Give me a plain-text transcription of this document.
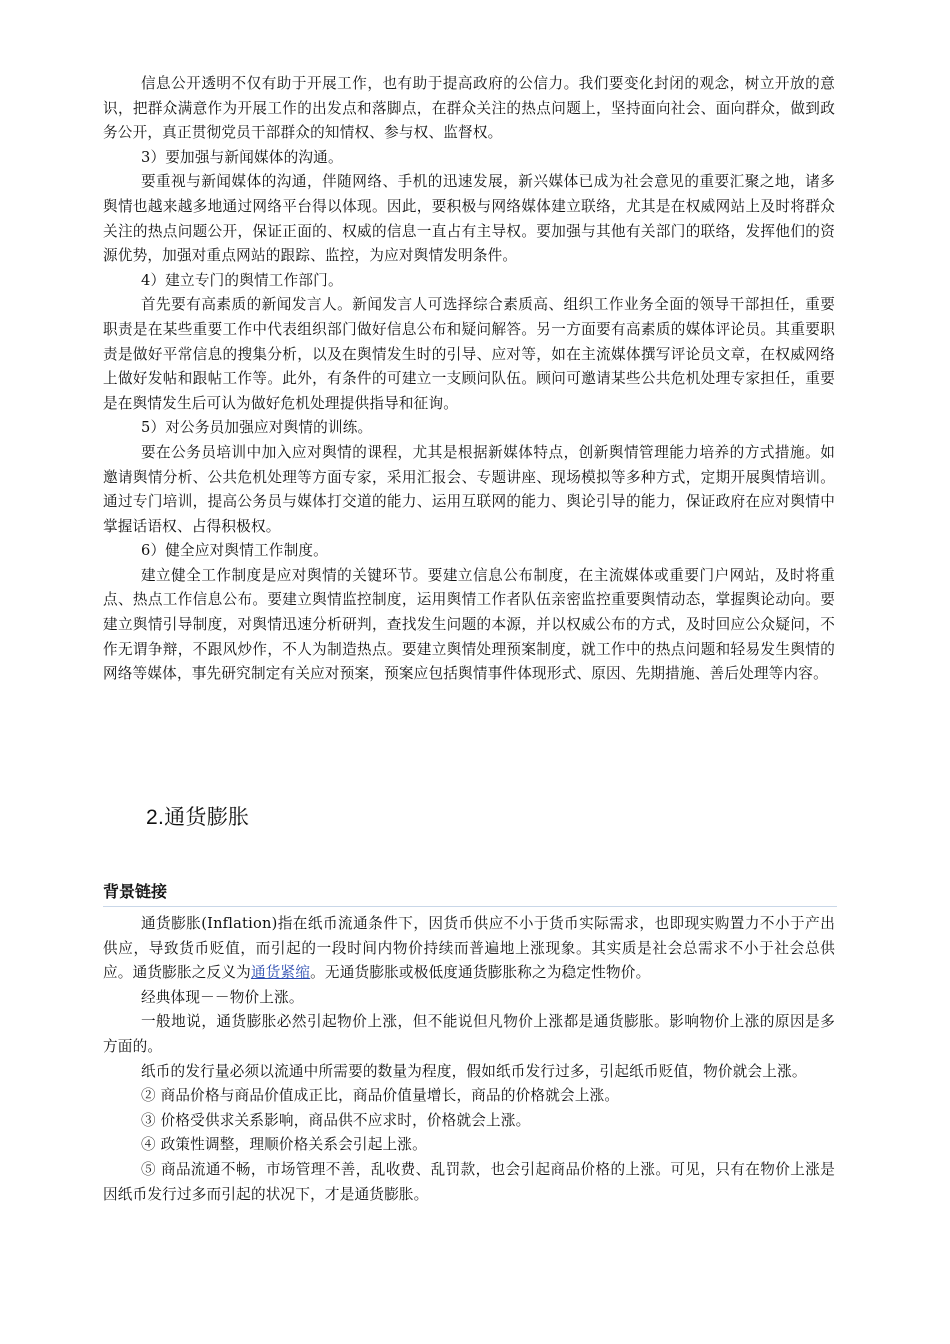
信息公开透明不仅有助于开展工作，也有助于提高政府的公信力。我们要变化封闭的观念，树立开放的意识，把群众满意作为开展工作的出发点和落脚点，在群众关注的热点问题上，坚持面向社会、面向群众，做到政务公开，真正贯彻党员干部群众的知情权、参与权、监督权。

3）要加强与新闻媒体的沟通。

要重视与新闻媒体的沟通，伴随网络、手机的迅速发展，新兴媒体已成为社会意见的重要汇聚之地，诸多舆情也越来越多地通过网络平台得以体现。因此，要积极与网络媒体建立联络，尤其是在权威网站上及时将群众关注的热点问题公开，保证正面的、权威的信息一直占有主导权。要加强与其他有关部门的联络，发挥他们的资源优势，加强对重点网站的跟踪、监控，为应对舆情发明条件。

4）建立专门的舆情工作部门。

首先要有高素质的新闻发言人。新闻发言人可选择综合素质高、组织工作业务全面的领导干部担任，重要职责是在某些重要工作中代表组织部门做好信息公布和疑问解答。另一方面要有高素质的媒体评论员。其重要职责是做好平常信息的搜集分析，以及在舆情发生时的引导、应对等，如在主流媒体撰写评论员文章，在权威网络上做好发帖和跟帖工作等。此外，有条件的可建立一支顾问队伍。顾问可邀请某些公共危机处理专家担任，重要是在舆情发生后可认为做好危机处理提供指导和征询。

5）对公务员加强应对舆情的训练。

要在公务员培训中加入应对舆情的课程，尤其是根据新媒体特点，创新舆情管理能力培养的方式措施。如邀请舆情分析、公共危机处理等方面专家，采用汇报会、专题讲座、现场模拟等多种方式，定期开展舆情培训。通过专门培训，提高公务员与媒体打交道的能力、运用互联网的能力、舆论引导的能力，保证政府在应对舆情中掌握话语权、占得积极权。

6）健全应对舆情工作制度。

建立健全工作制度是应对舆情的关键环节。要建立信息公布制度，在主流媒体或重要门户网站，及时将重点、热点工作信息公布。要建立舆情监控制度，运用舆情工作者队伍亲密监控重要舆情动态，掌握舆论动向。要建立舆情引导制度，对舆情迅速分析研判，查找发生问题的本源，并以权威公布的方式，及时回应公众疑问，不作无谓争辩，不跟风炒作，不人为制造热点。要建立舆情处理预案制度，就工作中的热点问题和轻易发生舆情的网络等媒体，事先研究制定有关应对预案，预案应包括舆情事件体现形式、原因、先期措施、善后处理等内容。

2.通货膨胀
背景链接

通货膨胀(Inflation)指在纸币流通条件下，因货币供应不小于货币实际需求，也即现实购置力不小于产出供应，导致货币贬值，而引起的一段时间内物价持续而普遍地上涨现象。其实质是社会总需求不小于社会总供应。通货膨胀之反义为通货紧缩。无通货膨胀或极低度通货膨胀称之为稳定性物价。

经典体现－－物价上涨。

一般地说，通货膨胀必然引起物价上涨，但不能说但凡物价上涨都是通货膨胀。影响物价上涨的原因是多方面的。

纸币的发行量必须以流通中所需要的数量为程度，假如纸币发行过多，引起纸币贬值，物价就会上涨。

② 商品价格与商品价值成正比，商品价值量增长，商品的价格就会上涨。

③ 价格受供求关系影响，商品供不应求时，价格就会上涨。

④ 政策性调整，理顺价格关系会引起上涨。

⑤ 商品流通不畅，市场管理不善，乱收费、乱罚款，也会引起商品价格的上涨。可见，只有在物价上涨是因纸币发行过多而引起的状况下，才是通货膨胀。
